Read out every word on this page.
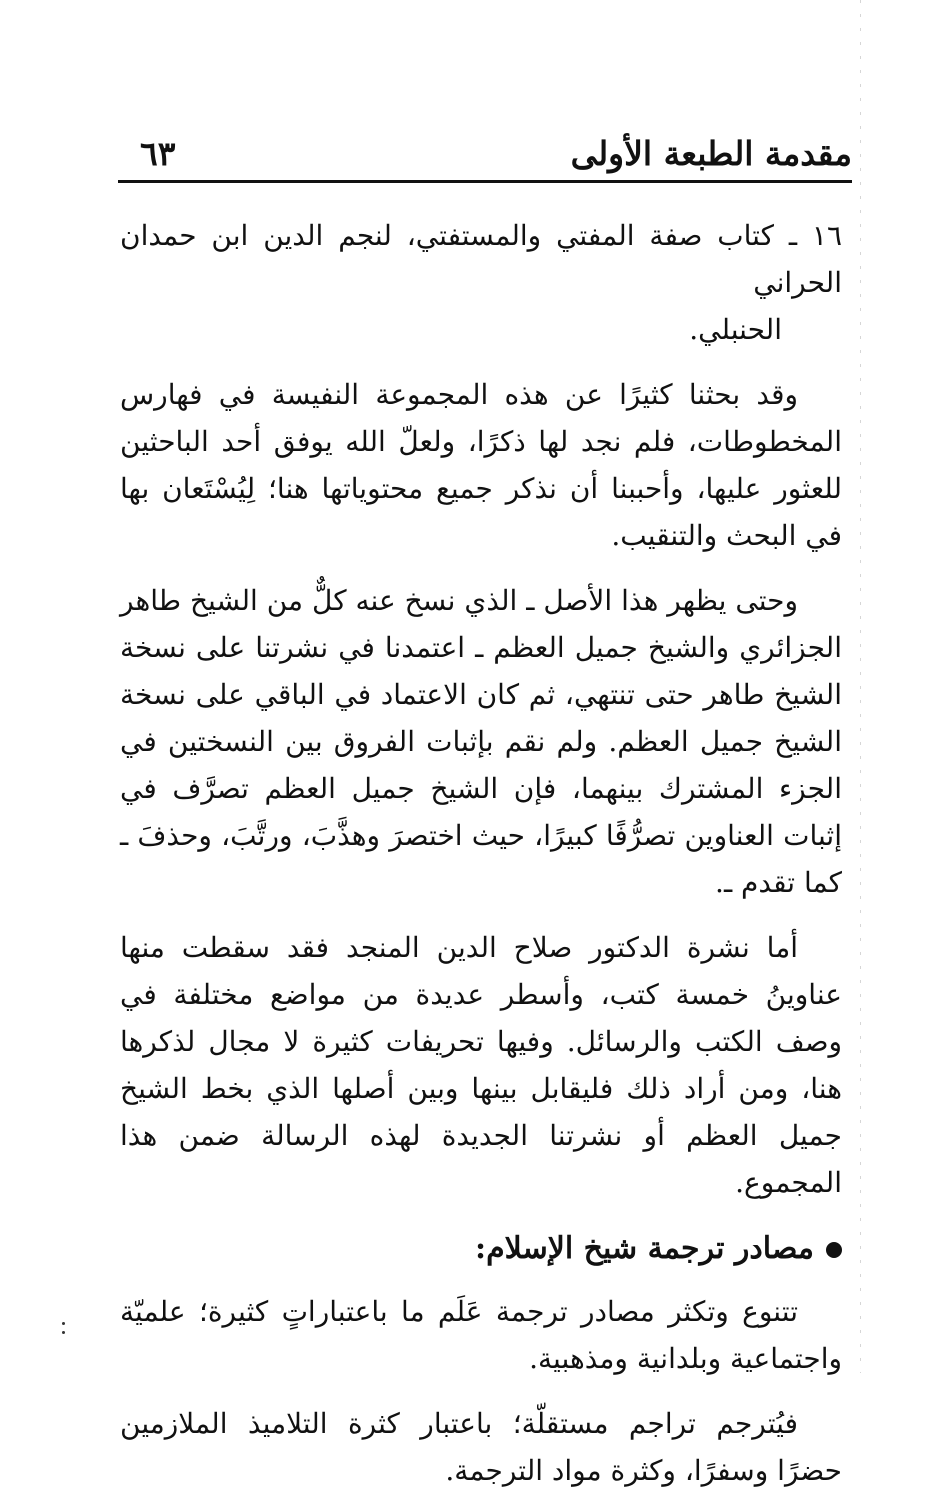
مقدمة الطبعة الأولى
٦٣
١٦ ـ كتاب صفة المفتي والمستفتي، لنجم الدين ابن حمدان الحراني
الحنبلي.

وقد بحثنا كثيرًا عن هذه المجموعة النفيسة في فهارس المخطوطات، فلم نجد لها ذكرًا، ولعلّ الله يوفق أحد الباحثين للعثور عليها، وأحببنا أن نذكر جميع محتوياتها هنا؛ لِيُسْتَعان بها في البحث والتنقيب.

وحتى يظهر هذا الأصل ـ الذي نسخ عنه كلٌّ من الشيخ طاهر الجزائري والشيخ جميل العظم ـ اعتمدنا في نشرتنا على نسخة الشيخ طاهر حتى تنتهي، ثم كان الاعتماد في الباقي على نسخة الشيخ جميل العظم. ولم نقم بإثبات الفروق بين النسختين في الجزء المشترك بينهما، فإن الشيخ جميل العظم تصرَّف في إثبات العناوين تصرُّفًا كبيرًا، حيث اختصرَ وهذَّبَ، ورتَّبَ، وحذفَ ـ كما تقدم ـ.

أما نشرة الدكتور صلاح الدين المنجد فقد سقطت منها عناوينُ خمسة كتب، وأسطر عديدة من مواضع مختلفة في وصف الكتب والرسائل. وفيها تحريفات كثيرة لا مجال لذكرها هنا، ومن أراد ذلك فليقابل بينها وبين أصلها الذي بخط الشيخ جميل العظم أو نشرتنا الجديدة لهذه الرسالة ضمن هذا المجموع.

مصادر ترجمة شيخ الإسلام:

تتنوع وتكثر مصادر ترجمة عَلَم ما باعتباراتٍ كثيرة؛ علميّة واجتماعية وبلدانية ومذهبية.

فيُترجم تراجم مستقلّة؛ باعتبار كثرة التلاميذ الملازمين حضرًا وسفرًا، وكثرة مواد الترجمة.
